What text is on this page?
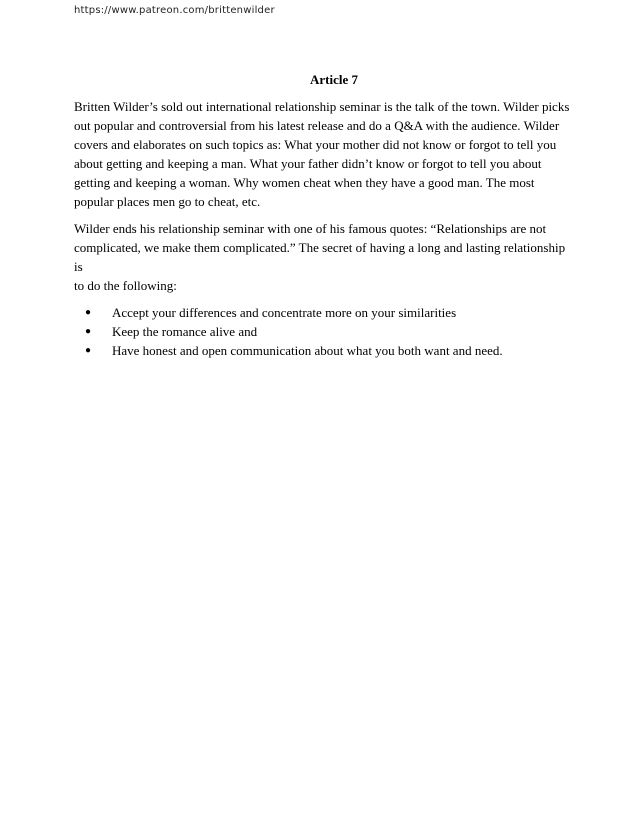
https://www.patreon.com/brittenwilder
Article 7
Britten Wilder’s sold out international relationship seminar is the talk of the town. Wilder picks
out popular and controversial from his latest release and do a Q&A with the audience. Wilder
covers and elaborates on such topics as: What your mother did not know or forgot to tell you
about getting and keeping a man. What your father didn’t know or forgot to tell you about
getting and keeping a woman. Why women cheat when they have a good man. The most
popular places men go to cheat, etc.
Wilder ends his relationship seminar with one of his famous quotes: “Relationships are not
complicated, we make them complicated.” The secret of having a long and lasting relationship is
to do the following:
● Accept your differences and concentrate more on your similarities
● Keep the romance alive and
● Have honest and open communication about what you both want and need.
